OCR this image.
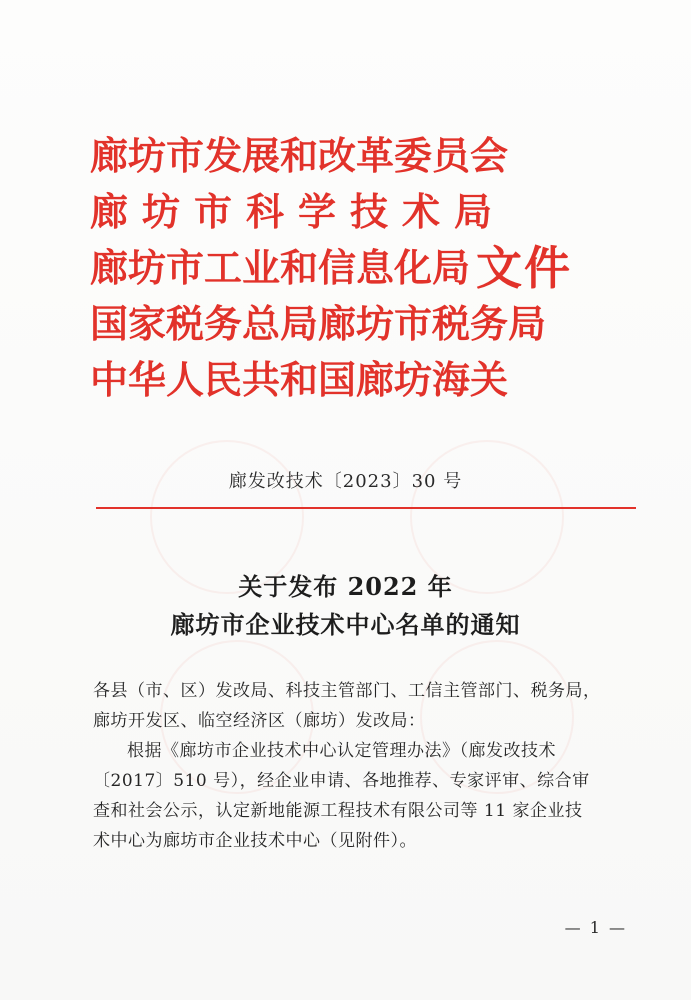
廊坊市发展和改革委员会
廊坊市科学技术局
廊坊市工业和信息化局 文件
国家税务总局廊坊市税务局
中华人民共和国廊坊海关
廊发改技术〔2023〕30 号
关于发布 2022 年
廊坊市企业技术中心名单的通知

各县（市、区）发改局、科技主管部门、工信主管部门、税务局，

廊坊开发区、临空经济区（廊坊）发改局：

根据《廊坊市企业技术中心认定管理办法》（廊发改技术

〔2017〕510 号），经企业申请、各地推荐、专家评审、综合审

查和社会公示，认定新地能源工程技术有限公司等 11 家企业技

术中心为廊坊市企业技术中心（见附件）。

— 1 —
